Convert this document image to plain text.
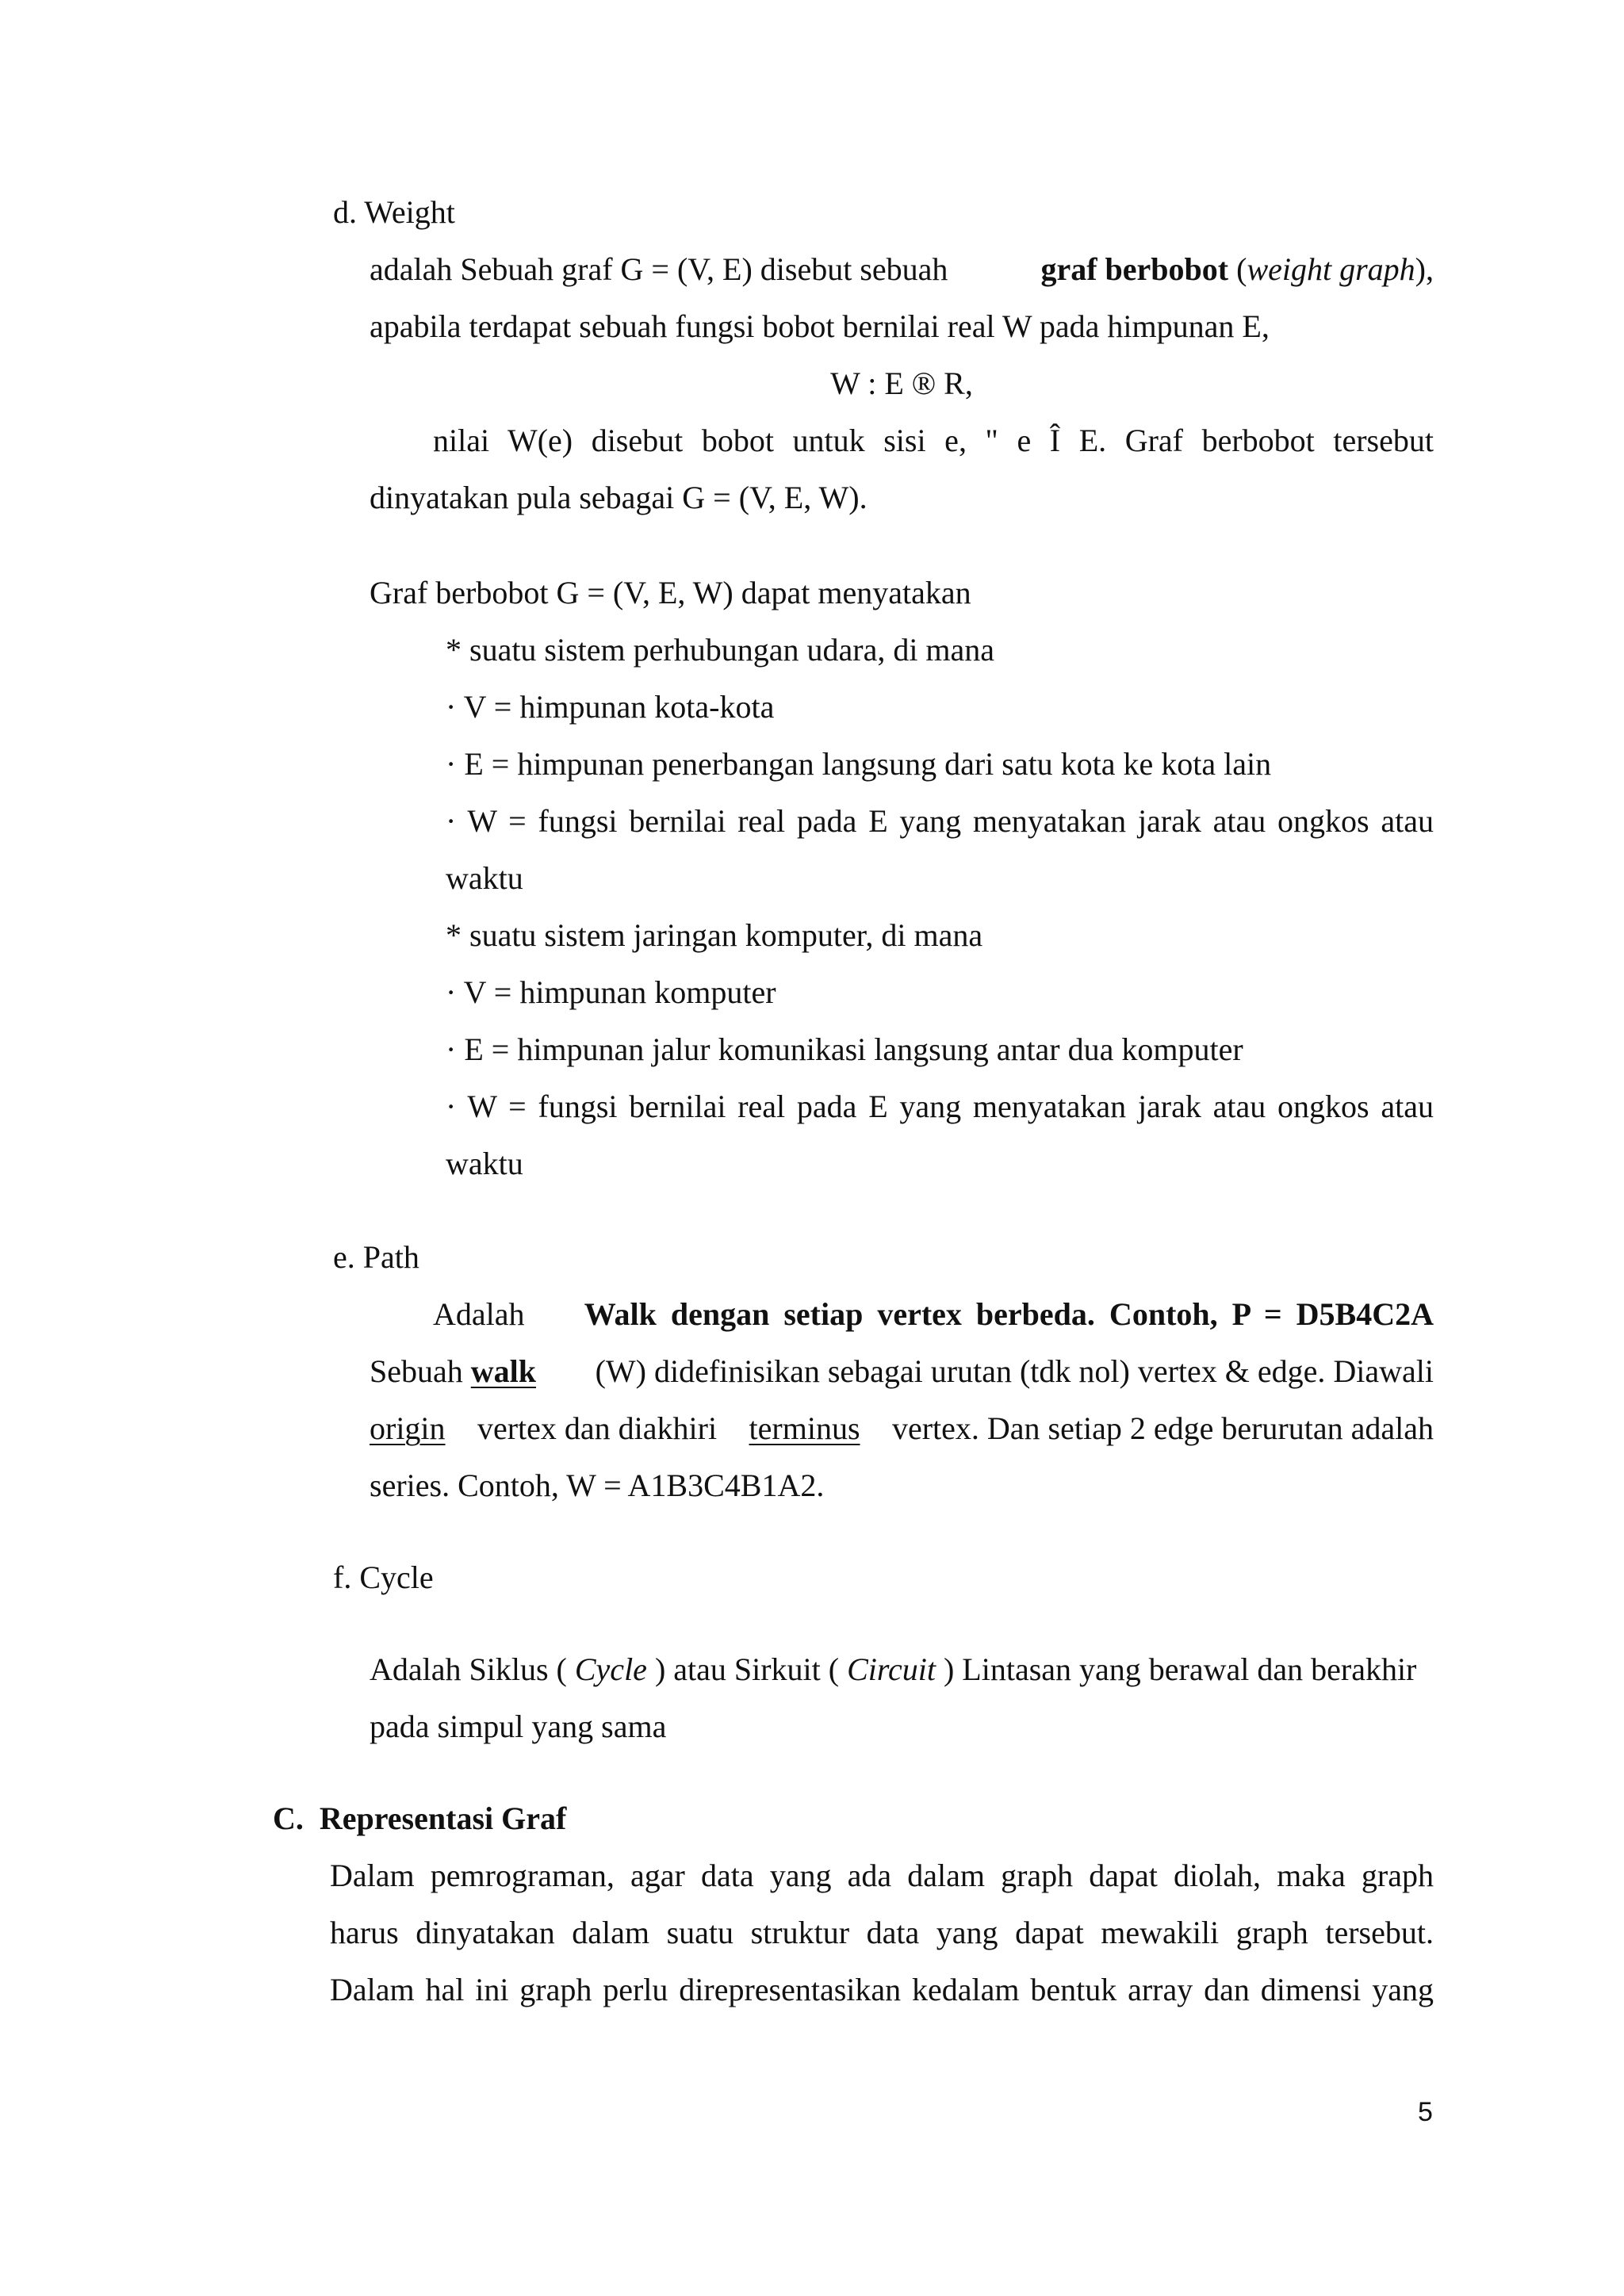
d. Weight
adalah Sebuah graf G = (V, E) disebut sebuah	graf berbobot (weight graph),
apabila terdapat sebuah fungsi bobot bernilai real W pada himpunan E,
W : E ® R,
nilai W(e) disebut bobot untuk sisi e, " e Î E. Graf berbobot tersebut
dinyatakan pula sebagai G = (V, E, W).
Graf berbobot G = (V, E, W) dapat menyatakan
* suatu sistem perhubungan udara, di mana
· V = himpunan kota-kota
· E = himpunan penerbangan langsung dari satu kota ke kota lain
· W = fungsi bernilai real pada E yang menyatakan jarak atau ongkos atau
waktu
* suatu sistem jaringan komputer, di mana
· V = himpunan komputer
· E = himpunan jalur komunikasi langsung antar dua komputer
· W = fungsi bernilai real pada E yang menyatakan jarak atau ongkos atau
waktu
e. Path
Adalah Walk dengan setiap vertex berbeda. Contoh, P = D5B4C2A
Sebuah walk (W) didefinisikan sebagai urutan (tdk nol) vertex & edge. Diawali
origin vertex dan diakhiri terminus vertex. Dan setiap 2 edge berurutan adalah
series. Contoh, W = A1B3C4B1A2.
f. Cycle
Adalah Siklus ( Cycle ) atau Sirkuit ( Circuit ) Lintasan yang berawal dan berakhir
pada simpul yang sama
C.  Representasi Graf
Dalam pemrograman, agar data yang ada dalam graph dapat diolah, maka graph
harus dinyatakan dalam suatu struktur data yang dapat mewakili graph tersebut.
Dalam hal ini graph perlu direpresentasikan kedalam bentuk array dan dimensi yang
5
